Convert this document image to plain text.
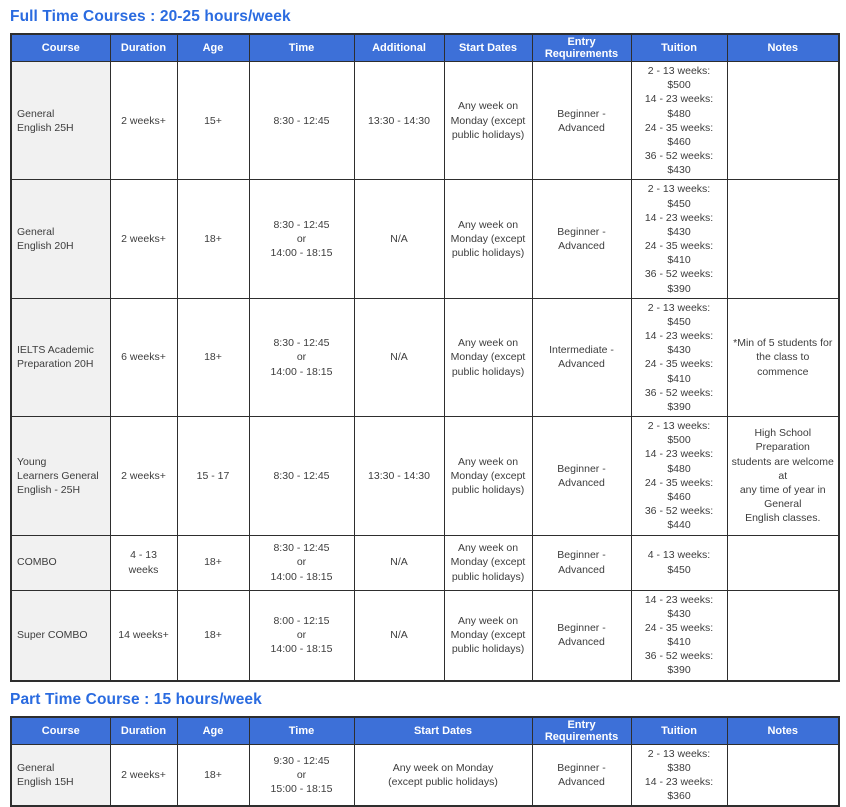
Full Time Courses : 20-25 hours/week
Course	Duration	Age	Time	Additional	Start Dates	Entry Requirements	Tuition	Notes
General
English 25H	2 weeks+	15+	8:30 - 12:45	13:30 - 14:30	Any week on
Monday (except
public holidays)	Beginner - Advanced	2 - 13 weeks: $500
14 - 23 weeks: $480
24 - 35 weeks: $460
36 - 52 weeks: $430	
General
English 20H	2 weeks+	18+	8:30 - 12:45
or
14:00 - 18:15	N/A	Any week on
Monday (except
public holidays)	Beginner - Advanced	2 - 13 weeks: $450
14 - 23 weeks: $430
24 - 35 weeks: $410
36 - 52 weeks: $390	
IELTS Academic
Preparation 20H	6 weeks+	18+	8:30 - 12:45
or
14:00 - 18:15	N/A	Any week on
Monday (except
public holidays)	Intermediate -
Advanced	2 - 13 weeks: $450
14 - 23 weeks: $430
24 - 35 weeks: $410
36 - 52 weeks: $390	*Min of 5 students for
the class to commence
Young
Learners General
English - 25H	2 weeks+	15 - 17	8:30 - 12:45	13:30 - 14:30	Any week on
Monday (except
public holidays)	Beginner - Advanced	2 - 13 weeks: $500
14 - 23 weeks: $480
24 - 35 weeks: $460
36 - 52 weeks: $440	High School Preparation
students are welcome at
any time of year in General
English classes.
COMBO	4 - 13 weeks	18+	8:30 - 12:45
or
14:00 - 18:15	N/A	Any week on
Monday (except
public holidays)	Beginner - Advanced	4 - 13 weeks: $450	
Super COMBO	14 weeks+	18+	8:00 - 12:15
or
14:00 - 18:15	N/A	Any week on
Monday (except
public holidays)	Beginner - Advanced	14 - 23 weeks: $430
24 - 35 weeks: $410
36 - 52 weeks: $390	
Part Time Course : 15 hours/week
Course	Duration	Age	Time	Start Dates	Entry Requirements	Tuition	Notes
General
English 15H	2 weeks+	18+	9:30 - 12:45
or
15:00 - 18:15	Any week on Monday
(except public holidays)	Beginner - Advanced	2 - 13 weeks: $380
14 - 23 weeks: $360	
